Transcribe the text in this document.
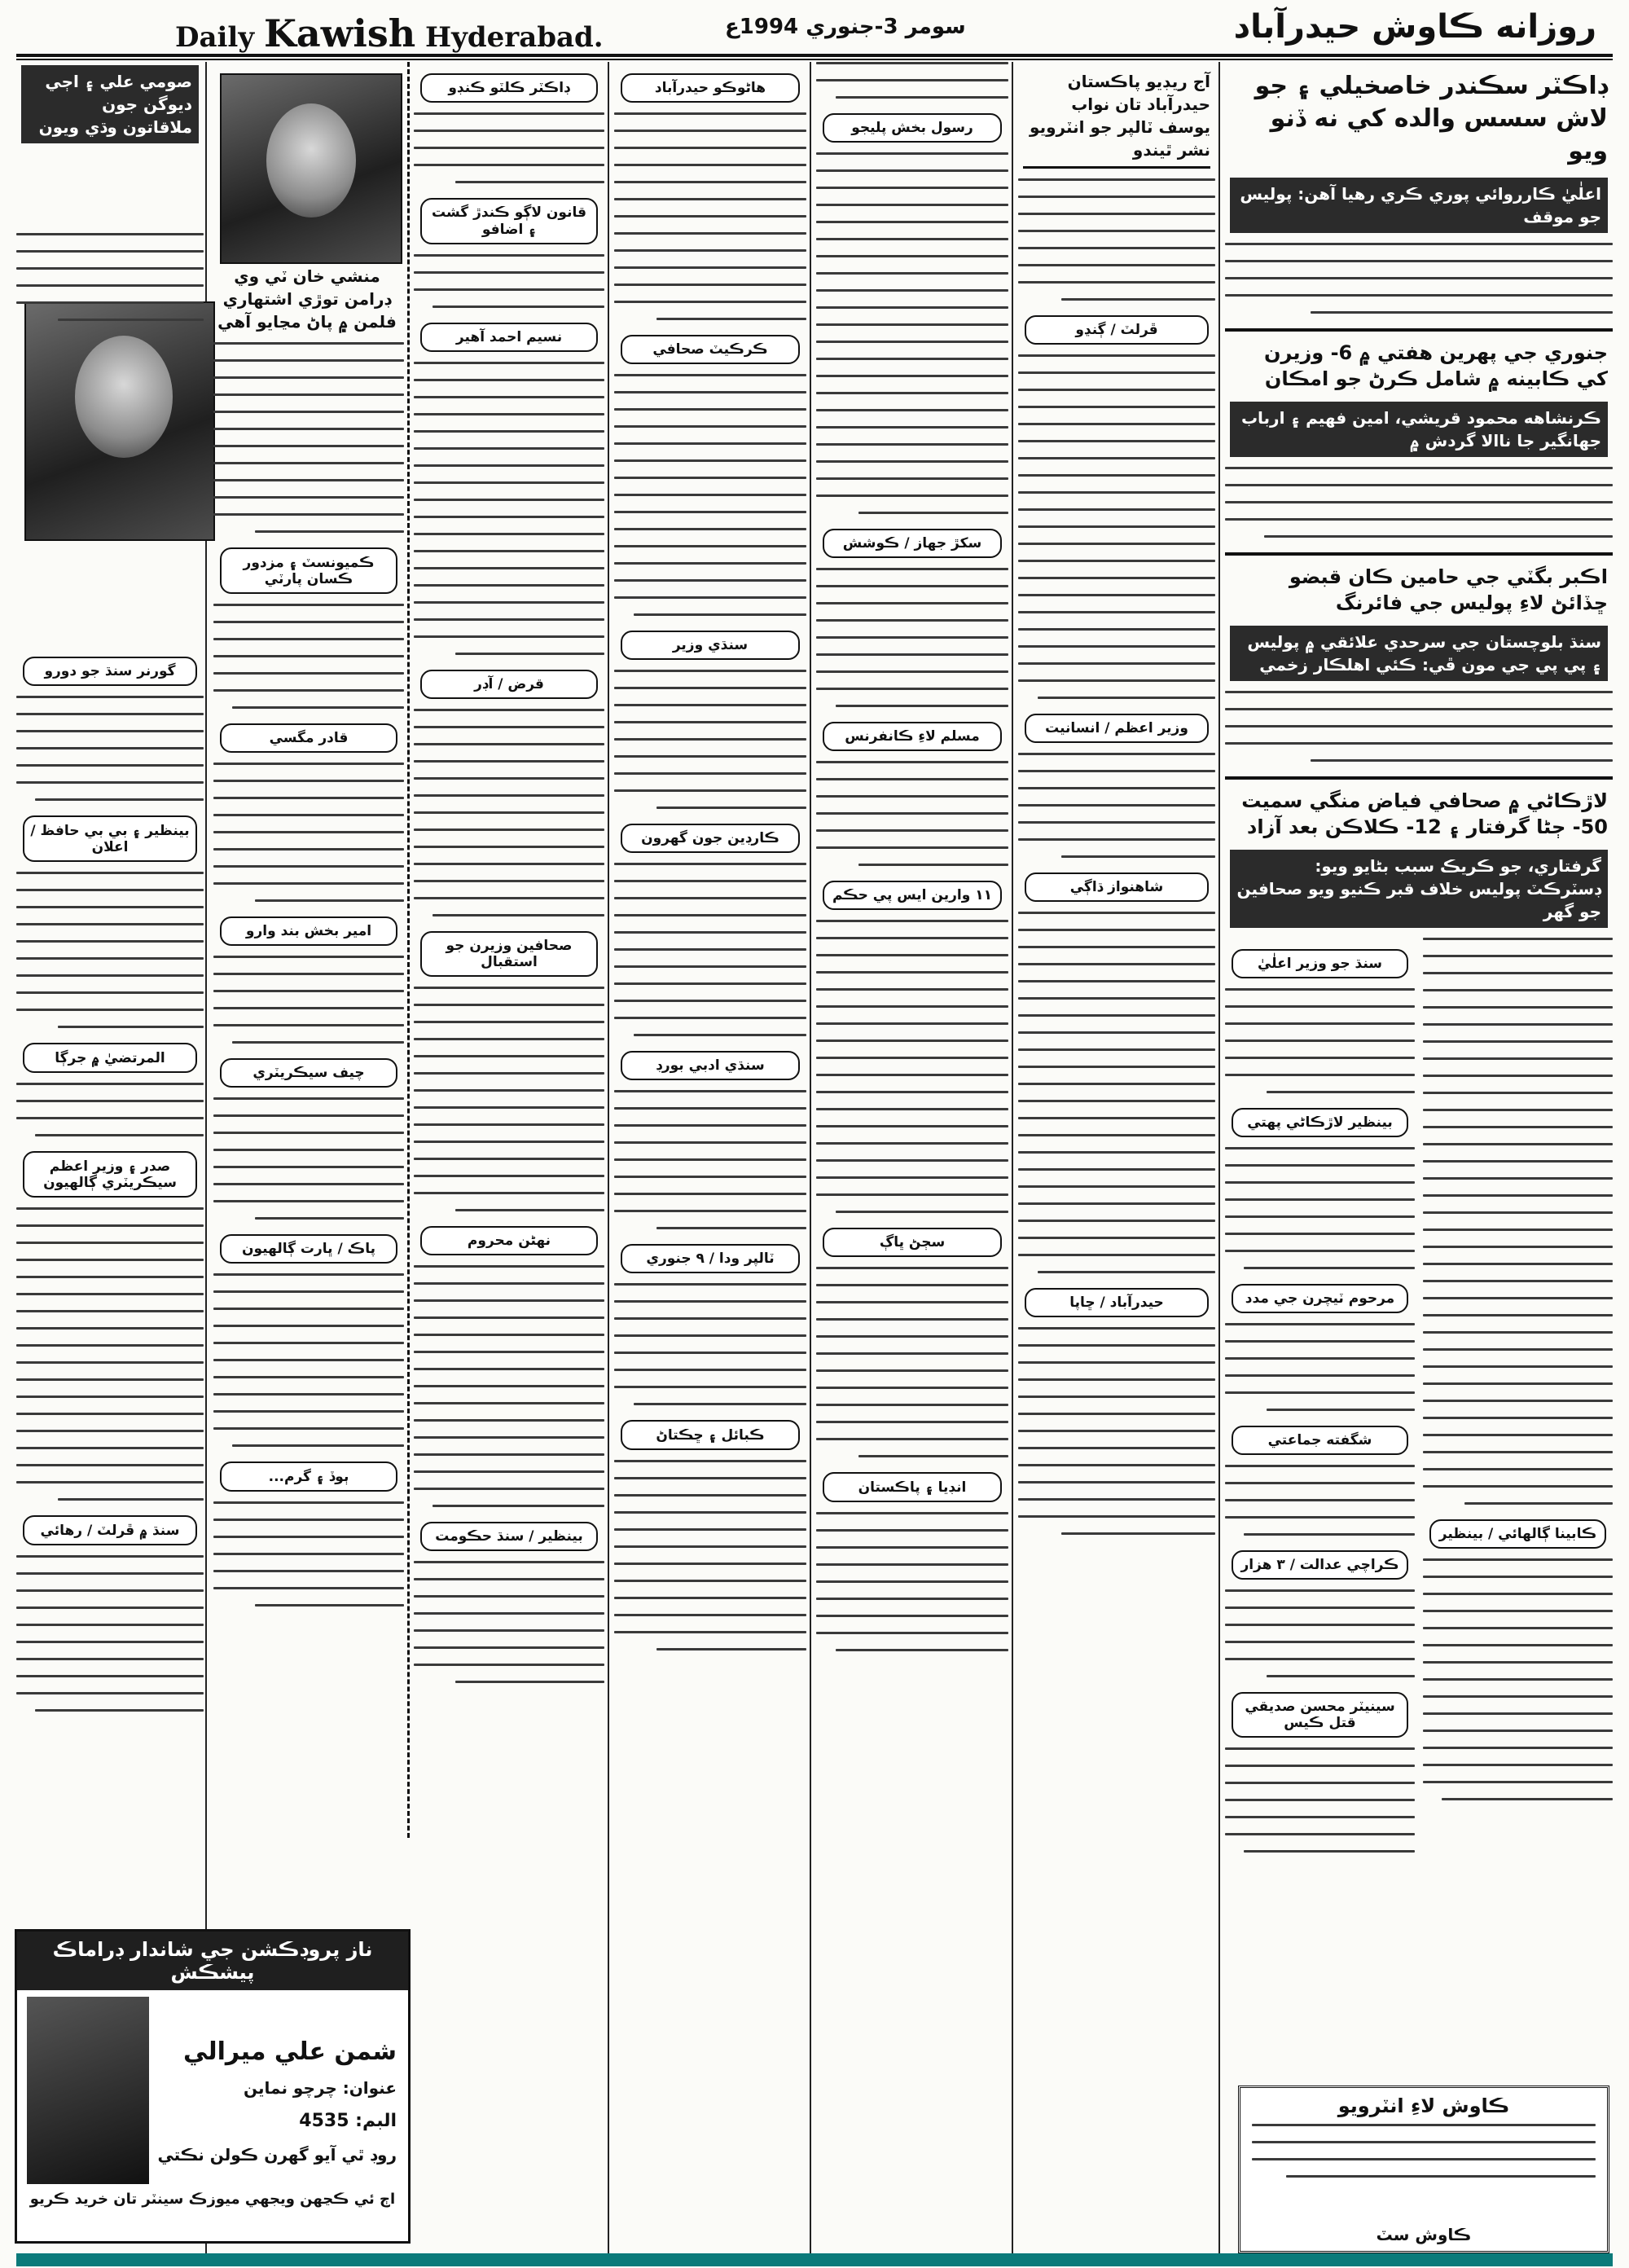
Daily Kawish Hyderabad.	سومر 3-جنوري 1994ع	روزانه ڪاوش حيدرآباد
صومي علي ۽ اڄي ديوگن جون ملاقاتون وڌي ويون
گورنر سنڌ جو دورو
بينظير ۽ بي بي حافظ / اعلان
المرتضيٰ ۾ جرڳا
صدر ۽ وزير اعظم سيڪريٽري ڳالهيون
سنڌ ۾ ڦرلٽ / رهائي
منشي خان ٽي وي ڊرامن توڙي اشتهاري فلمن ۾ پاڻ مڃايو آهي
ڪميونسٽ ۽ مزدور ڪسان پارٽي
قادر مگسي
امير بخش بند وارو
چيف سيڪريٽري
پاڪ / ڀارت ڳالهيون
ٻوڏ ۽ گرم...
ڊاڪٽر ڪلٽو ڪنڊو
قانون لاڳو ڪندڙ گشت ۽ اضافو
نسيم احمد آهير
قرض / آڊر
صحافين وزيرن جو استقبال
نهڻن محروم
بينظير / سنڌ حڪومت
هاڻوڪو حيدرآباد
ڪرڪيٽ صحافي
سنڌي وزير
ڪارڊين جون گهرون
سنڌي ادبي بورڊ
ٽالپر ودا / ٩ جنوري
ڪبائل ۽ ڇڪتاڻ
رسول بخش پليجو
سکڙ جهاز / ڪوشش
مسلم لاءِ ڪانفرنس
١١ وارين ايس پي حڪم
سڄڻ ڀاڳ
انڊيا ۽ پاڪستان
آج ريڊيو پاڪستان حيدرآباد تان نواب يوسف ٽالپر جو انٽرويو نشر ٿيندو
ڦرلٽ / ڳنڍو
وزير اعظم / انسانيت
شاهنواز ڌاڳي
حيدرآباد / ڇاپا
ڊاڪٽر سڪندر خاصخيلي ۽ جو لاش سسس والده کي نه ڏنو ويو
اعلٰيٰ ڪارروائي پوري ڪري رهيا آهن: پوليس جو موقف
جنوري جي پهرين هفتي ۾ 6- وزيرن کي ڪابينه ۾ شامل ڪرڻ جو امڪان
ڪرنشاهه محمود قريشي، امين فهيم ۽ ارباب جهانگير جا ناالا گردش ۾
اڪبر بگٽي جي حامين ڪان قبضو ڇڏائڻ لاءِ پوليس جي فائرنگ
سنڌ بلوچستان جي سرحدي علائقي ۾ پوليس ۽ پي پي جي مون ڦي: ڪئي اهلڪار زخمي
لاڙڪاڻي ۾ صحافي فياض منگي سميت 50- ڄڻا گرفتار ۽ 12- ڪلاڪن بعد آزاد
گرفتاري، جو ڪريڪ سبب بڻايو ويو: ڊسٽرڪٽ پوليس خلاف قبر ڪنيو ويو صحافين جو گهر
ڪابينا ڳالهائي / بينظير
سنڌ جو وزير اعلٰيٰ
بينظير لاڙڪاڻي پهتي
مرحوم ٽيچرن جي مدد
شگفته جماعتي
ڪراچي عدالت / ٣ هزار
سينيٽر محسن صديقي قتل ڪيس
ناز پروڊڪشن جي شاندار ڊراماڪ پيشڪش
شمن علي ميرالي
عنوان: چرچو نماين
البم: 4535
روڊ ٿي آيو گهرن ڪولن نڪتي
اڄ ئي ڪڃهن ويجهي ميوزڪ سينٽر تان خريد ڪريو
ڪاوش لاءِ انٽرويو
ڪاوش سٽ
